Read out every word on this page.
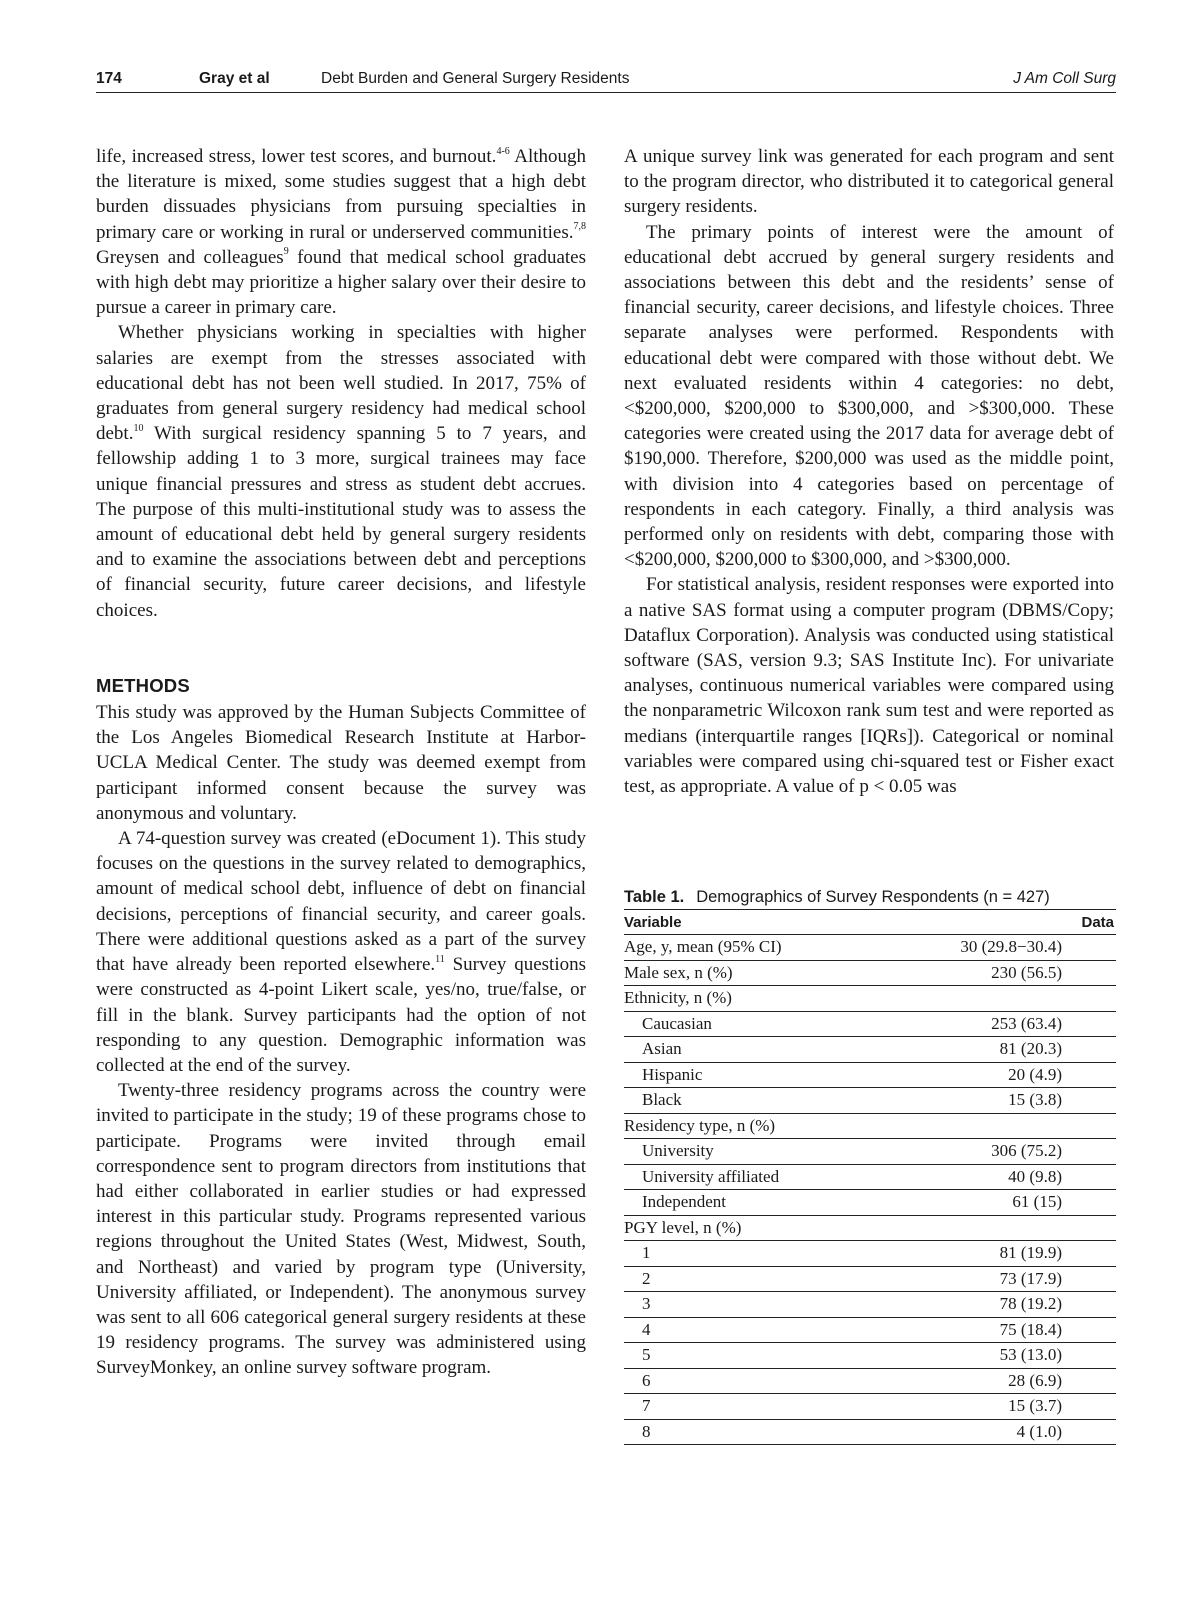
174	Gray et al	Debt Burden and General Surgery Residents	J Am Coll Surg

life, increased stress, lower test scores, and burnout.$^{4-6}$ Although the literature is mixed, some studies suggest that a high debt burden dissuades physicians from pursuing specialties in primary care or working in rural or underserved communities.$^{7,8}$ Greysen and colleagues$^9$ found that medical school graduates with high debt may prioritize a higher salary over their desire to pursue a career in primary care.

Whether physicians working in specialties with higher salaries are exempt from the stresses associated with educational debt has not been well studied. In 2017, 75% of graduates from general surgery residency had medical school debt.$^{10}$ With surgical residency spanning 5 to 7 years, and fellowship adding 1 to 3 more, surgical trainees may face unique financial pressures and stress as student debt accrues. The purpose of this multi-institutional study was to assess the amount of educational debt held by general surgery residents and to examine the associations between debt and perceptions of financial security, future career decisions, and lifestyle choices.

METHODS

This study was approved by the Human Subjects Committee of the Los Angeles Biomedical Research Institute at Harbor-UCLA Medical Center. The study was deemed exempt from participant informed consent because the survey was anonymous and voluntary.

A 74-question survey was created (eDocument 1). This study focuses on the questions in the survey related to demographics, amount of medical school debt, influence of debt on financial decisions, perceptions of financial security, and career goals. There were additional questions asked as a part of the survey that have already been reported elsewhere.$^{11}$ Survey questions were constructed as 4-point Likert scale, yes/no, true/false, or fill in the blank. Survey participants had the option of not responding to any question. Demographic information was collected at the end of the survey.

Twenty-three residency programs across the country were invited to participate in the study; 19 of these programs chose to participate. Programs were invited through email correspondence sent to program directors from institutions that had either collaborated in earlier studies or had expressed interest in this particular study. Programs represented various regions throughout the United States (West, Midwest, South, and Northeast) and varied by program type (University, University affiliated, or Independent). The anonymous survey was sent to all 606 categorical general surgery residents at these 19 residency programs. The survey was administered using SurveyMonkey, an online survey software program.

A unique survey link was generated for each program and sent to the program director, who distributed it to categorical general surgery residents.

The primary points of interest were the amount of educational debt accrued by general surgery residents and associations between this debt and the residents’ sense of financial security, career decisions, and lifestyle choices. Three separate analyses were performed. Respondents with educational debt were compared with those without debt. We next evaluated residents within 4 categories: no debt, <$200,000, $200,000 to $300,000, and >$300,000. These categories were created using the 2017 data for average debt of $190,000. Therefore, $200,000 was used as the middle point, with division into 4 categories based on percentage of respondents in each category. Finally, a third analysis was performed only on residents with debt, comparing those with <$200,000, $200,000 to $300,000, and >$300,000.

For statistical analysis, resident responses were exported into a native SAS format using a computer program (DBMS/Copy; Dataflux Corporation). Analysis was conducted using statistical software (SAS, version 9.3; SAS Institute Inc). For univariate analyses, continuous numerical variables were compared using the nonparametric Wilcoxon rank sum test and were reported as medians (interquartile ranges [IQRs]). Categorical or nominal variables were compared using chi-squared test or Fisher exact test, as appropriate. A value of p < 0.05 was

Table 1. Demographics of Survey Respondents (n = 427)
Variable	Data
Age, y, mean (95% CI)	30 (29.8−30.4)
Male sex, n (%)	230 (56.5)
Ethnicity, n (%)	
Caucasian	253 (63.4)
Asian	81 (20.3)
Hispanic	20 (4.9)
Black	15 (3.8)
Residency type, n (%)	
University	306 (75.2)
University affiliated	40 (9.8)
Independent	61 (15)
PGY level, n (%)	
1	81 (19.9)
2	73 (17.9)
3	78 (19.2)
4	75 (18.4)
5	53 (13.0)
6	28 (6.9)
7	15 (3.7)
8	4 (1.0)
